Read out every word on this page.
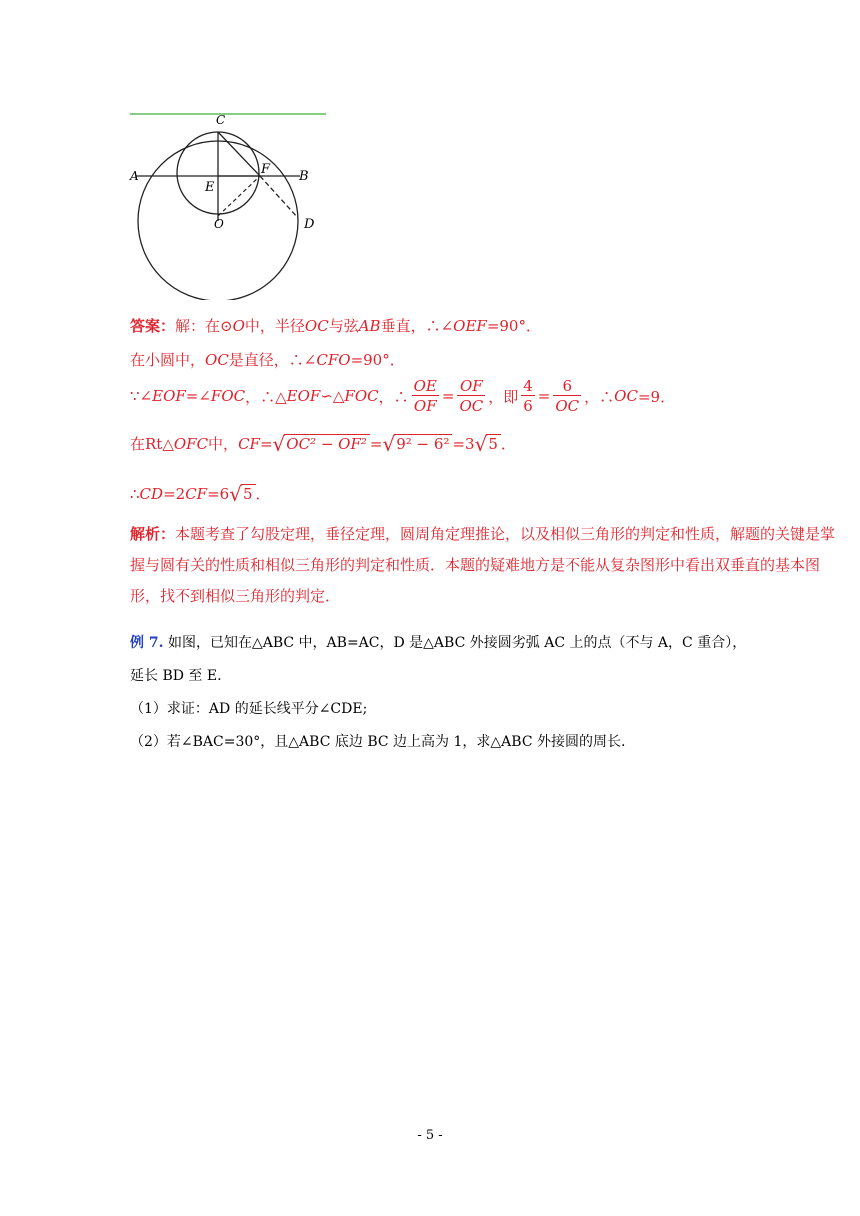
C
F B
A
E
O	D
答案：解：在⊙O中，半径OC与弦AB垂直，∴∠OEF=90°．
在小圆中，OC是直径，∴∠CFO=90°．
∵∠ EOF =∠ FOC ，∴△ EOF ∽△ FOC ，∴ $\frac{OE}{OF} = \frac{OF}{OC}$ ，即 $\frac{4}{6} = \frac{6}{OC}$ ，∴ OC =9．
在Rt△OFC中，CF=√OC² − OF² =√9² − 6² =3√5 ．
∴CD=2CF=6√5 ．
解析：本题考查了勾股定理，垂径定理，圆周角定理推论，以及相似三角形的判定和性质，解题的关键是掌握与圆有关的性质和相似三角形的判定和性质．本题的疑难地方是不能从复杂图形中看出双垂直的基本图形，找不到相似三角形的判定．
例 7. 如图，已知在△ABC 中，AB=AC，D 是△ABC 外接圆劣弧 AC 上的点（不与 A，C 重合），
延长 BD 至 E.
（1）求证：AD 的延长线平分∠CDE;
（2）若∠BAC=30°，且△ABC 底边 BC 边上高为 1，求△ABC 外接圆的周长.
- 5 -
